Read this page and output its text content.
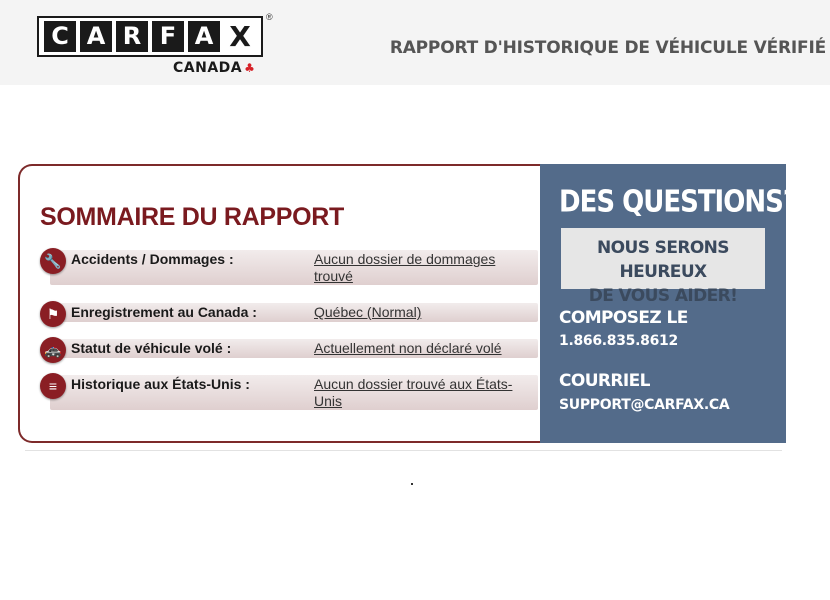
C A R F A X
®
CANADA ♣
RAPPORT D'HISTORIQUE DE VÉHICULE VÉRIFIÉ
SOMMAIRE DU RAPPORT
🔧 Accidents / Dommages :	Aucun dossier de dommages trouvé
⚑ Enregistrement au Canada :	Québec (Normal)
🚓 Statut de véhicule volé :	Actuellement non déclaré volé
≡ Historique aux États-Unis :	Aucun dossier trouvé aux États-Unis
DES QUESTIONS?
NOUS SERONS HEUREUX
DE VOUS AIDER!
COMPOSEZ LE
1.866.835.8612
COURRIEL
SUPPORT@CARFAX.CA
